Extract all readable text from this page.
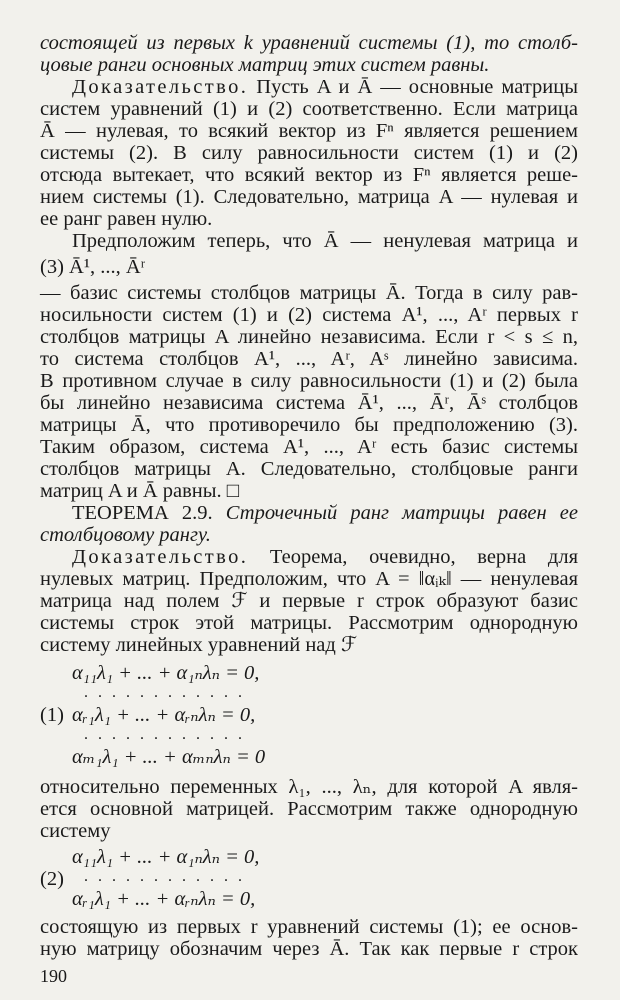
состоящей из первых k уравнений системы (1), то столб-
цовые ранги основных матриц этих систем равны.
Доказательство. Пусть A и Ā — основные матрицы
систем уравнений (1) и (2) соответственно. Если матрица
Ā — нулевая, то всякий вектор из Fⁿ является решением
системы (2). В силу равносильности систем (1) и (2)
отсюда вытекает, что всякий вектор из Fⁿ является реше-
нием системы (1). Следовательно, матрица A — нулевая и
ее ранг равен нулю.
Предположим теперь, что Ā — ненулевая матрица и
(3) Ā¹, ..., Āʳ
— базис системы столбцов матрицы Ā. Тогда в силу рав-
носильности систем (1) и (2) система A¹, ..., Aʳ первых r
столбцов матрицы A линейно независима. Если r < s ≤ n,
то система столбцов A¹, ..., Aʳ, Aˢ линейно зависима.
В противном случае в силу равносильности (1) и (2) была
бы линейно независима система Ā¹, ..., Āʳ, Āˢ столбцов
матрицы Ā, что противоречило бы предположению (3).
Таким образом, система A¹, ..., Aʳ есть базис системы
столбцов матрицы A. Следовательно, столбцовые ранги
матриц A и Ā равны. □
ТЕОРЕМА 2.9. Строчечный ранг матрицы равен ее
столбцовому рангу.
Доказательство. Теорема, очевидно, верна для
нулевых матриц. Предположим, что A = ‖αᵢₖ‖ — ненулевая
матрица над полем ℱ и первые r строк образуют базис
системы строк этой матрицы. Рассмотрим однородную
систему линейных уравнений над ℱ
α₁₁λ₁ + ... + α₁ₙλₙ = 0,
............
(1) αᵣ₁λ₁ + ... + αᵣₙλₙ = 0,
............
αₘ₁λ₁ + ... + αₘₙλₙ = 0
относительно переменных λ₁, ..., λₙ, для которой A явля-
ется основной матрицей. Рассмотрим также однородную
систему
α₁₁λ₁ + ... + α₁ₙλₙ = 0,
(2) ............
αᵣ₁λ₁ + ... + αᵣₙλₙ = 0,
состоящую из первых r уравнений системы (1); ее основ-
ную матрицу обозначим через Ā. Так как первые r строк
190
